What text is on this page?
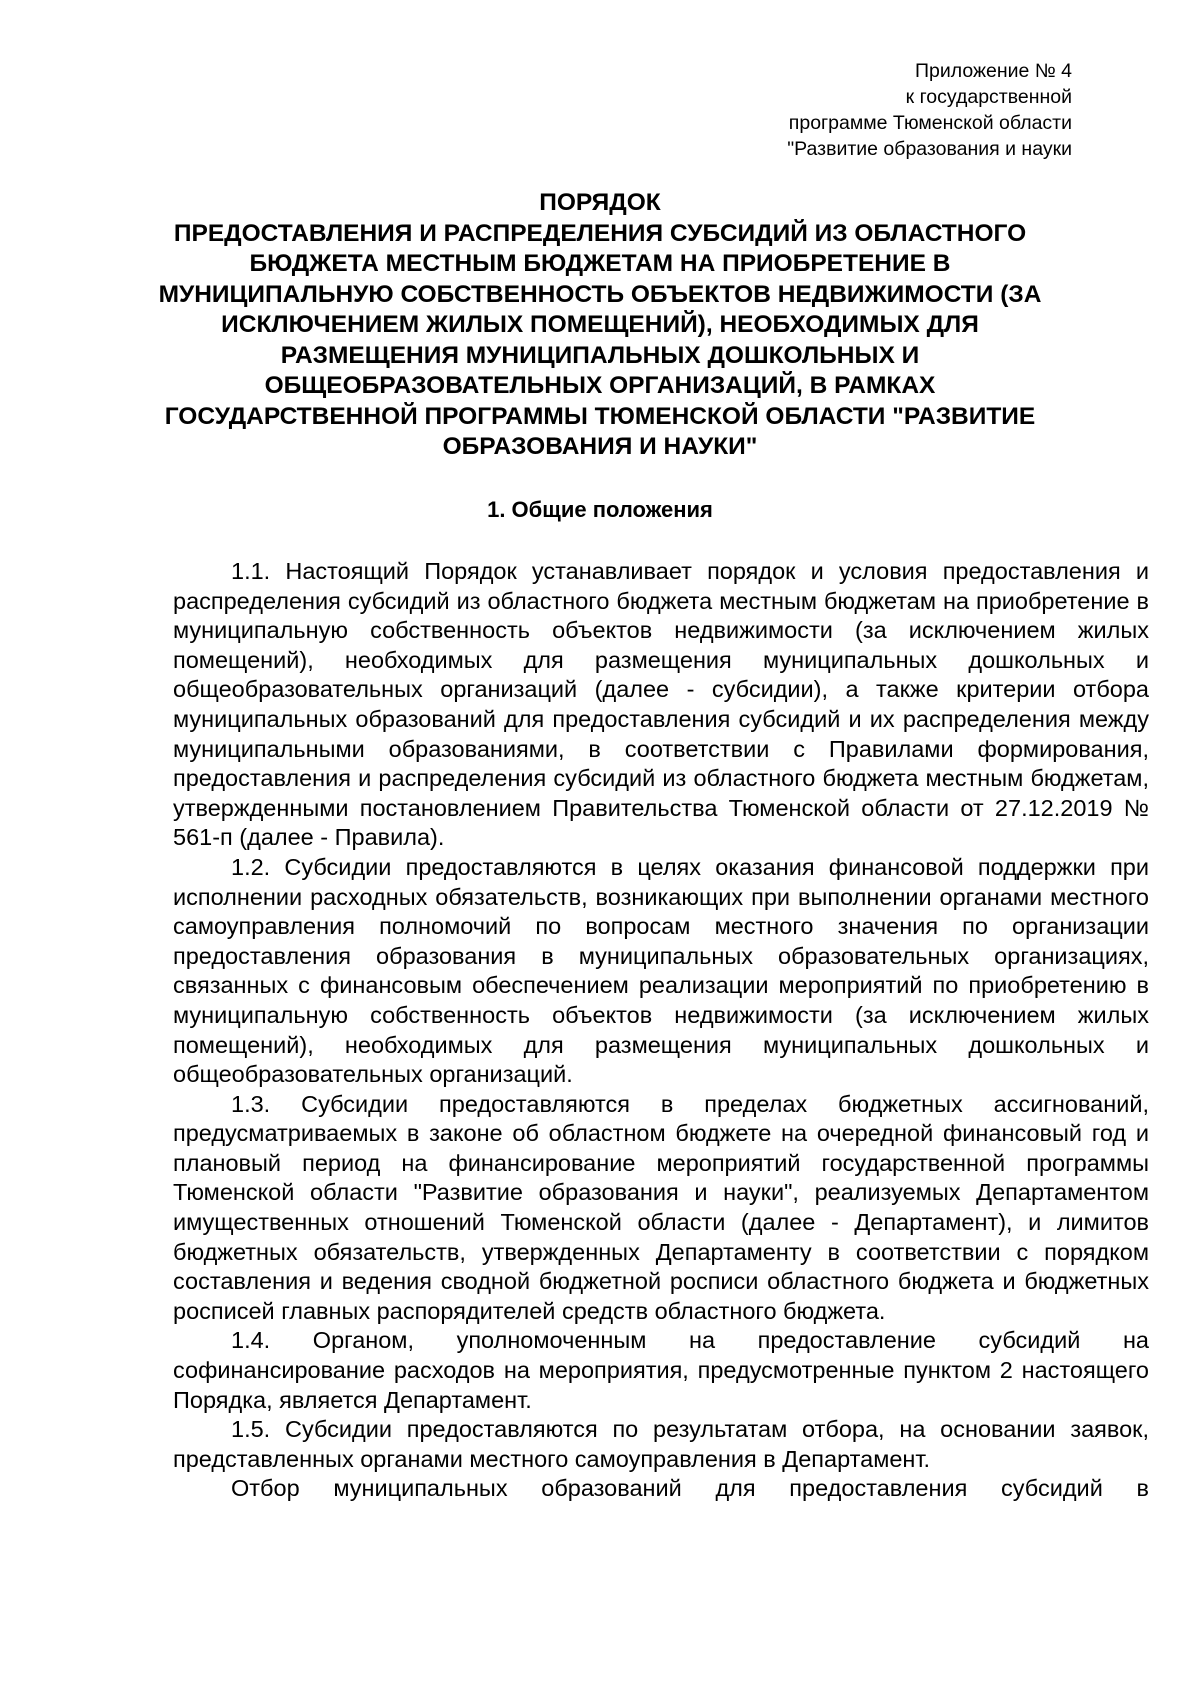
Приложение № 4
к государственной
программе Тюменской области
"Развитие образования и науки
ПОРЯДОК
ПРЕДОСТАВЛЕНИЯ И РАСПРЕДЕЛЕНИЯ СУБСИДИЙ ИЗ ОБЛАСТНОГО
БЮДЖЕТА МЕСТНЫМ БЮДЖЕТАМ НА ПРИОБРЕТЕНИЕ В
МУНИЦИПАЛЬНУЮ СОБСТВЕННОСТЬ ОБЪЕКТОВ НЕДВИЖИМОСТИ (ЗА
ИСКЛЮЧЕНИЕМ ЖИЛЫХ ПОМЕЩЕНИЙ), НЕОБХОДИМЫХ ДЛЯ
РАЗМЕЩЕНИЯ МУНИЦИПАЛЬНЫХ ДОШКОЛЬНЫХ И
ОБЩЕОБРАЗОВАТЕЛЬНЫХ ОРГАНИЗАЦИЙ, В РАМКАХ
ГОСУДАРСТВЕННОЙ ПРОГРАММЫ ТЮМЕНСКОЙ ОБЛАСТИ "РАЗВИТИЕ
ОБРАЗОВАНИЯ И НАУКИ"
1. Общие положения

1.1. Настоящий Порядок устанавливает порядок и условия предоставления и распределения субсидий из областного бюджета местным бюджетам на приобретение в муниципальную собственность объектов недвижимости (за исключением жилых помещений), необходимых для размещения муниципальных дошкольных и общеобразовательных организаций (далее - субсидии), а также критерии отбора муниципальных образований для предоставления субсидий и их распределения между муниципальными образованиями, в соответствии с Правилами формирования, предоставления и распределения субсидий из областного бюджета местным бюджетам, утвержденными постановлением Правительства Тюменской области от 27.12.2019 № 561-п (далее - Правила).

1.2. Субсидии предоставляются в целях оказания финансовой поддержки при исполнении расходных обязательств, возникающих при выполнении органами местного самоуправления полномочий по вопросам местного значения по организации предоставления образования в муниципальных образовательных организациях, связанных с финансовым обеспечением реализации мероприятий по приобретению в муниципальную собственность объектов недвижимости (за исключением жилых помещений), необходимых для размещения муниципальных дошкольных и общеобразовательных организаций.

1.3. Субсидии предоставляются в пределах бюджетных ассигнований, предусматриваемых в законе об областном бюджете на очередной финансовый год и плановый период на финансирование мероприятий государственной программы Тюменской области "Развитие образования и науки", реализуемых Департаментом имущественных отношений Тюменской области (далее - Департамент), и лимитов бюджетных обязательств, утвержденных Департаменту в соответствии с порядком составления и ведения сводной бюджетной росписи областного бюджета и бюджетных росписей главных распорядителей средств областного бюджета.

1.4. Органом, уполномоченным на предоставление субсидий на софинансирование расходов на мероприятия, предусмотренные пунктом 2 настоящего Порядка, является Департамент.

1.5. Субсидии предоставляются по результатам отбора, на основании заявок, представленных органами местного самоуправления в Департамент.

Отбор муниципальных образований для предоставления субсидий в
